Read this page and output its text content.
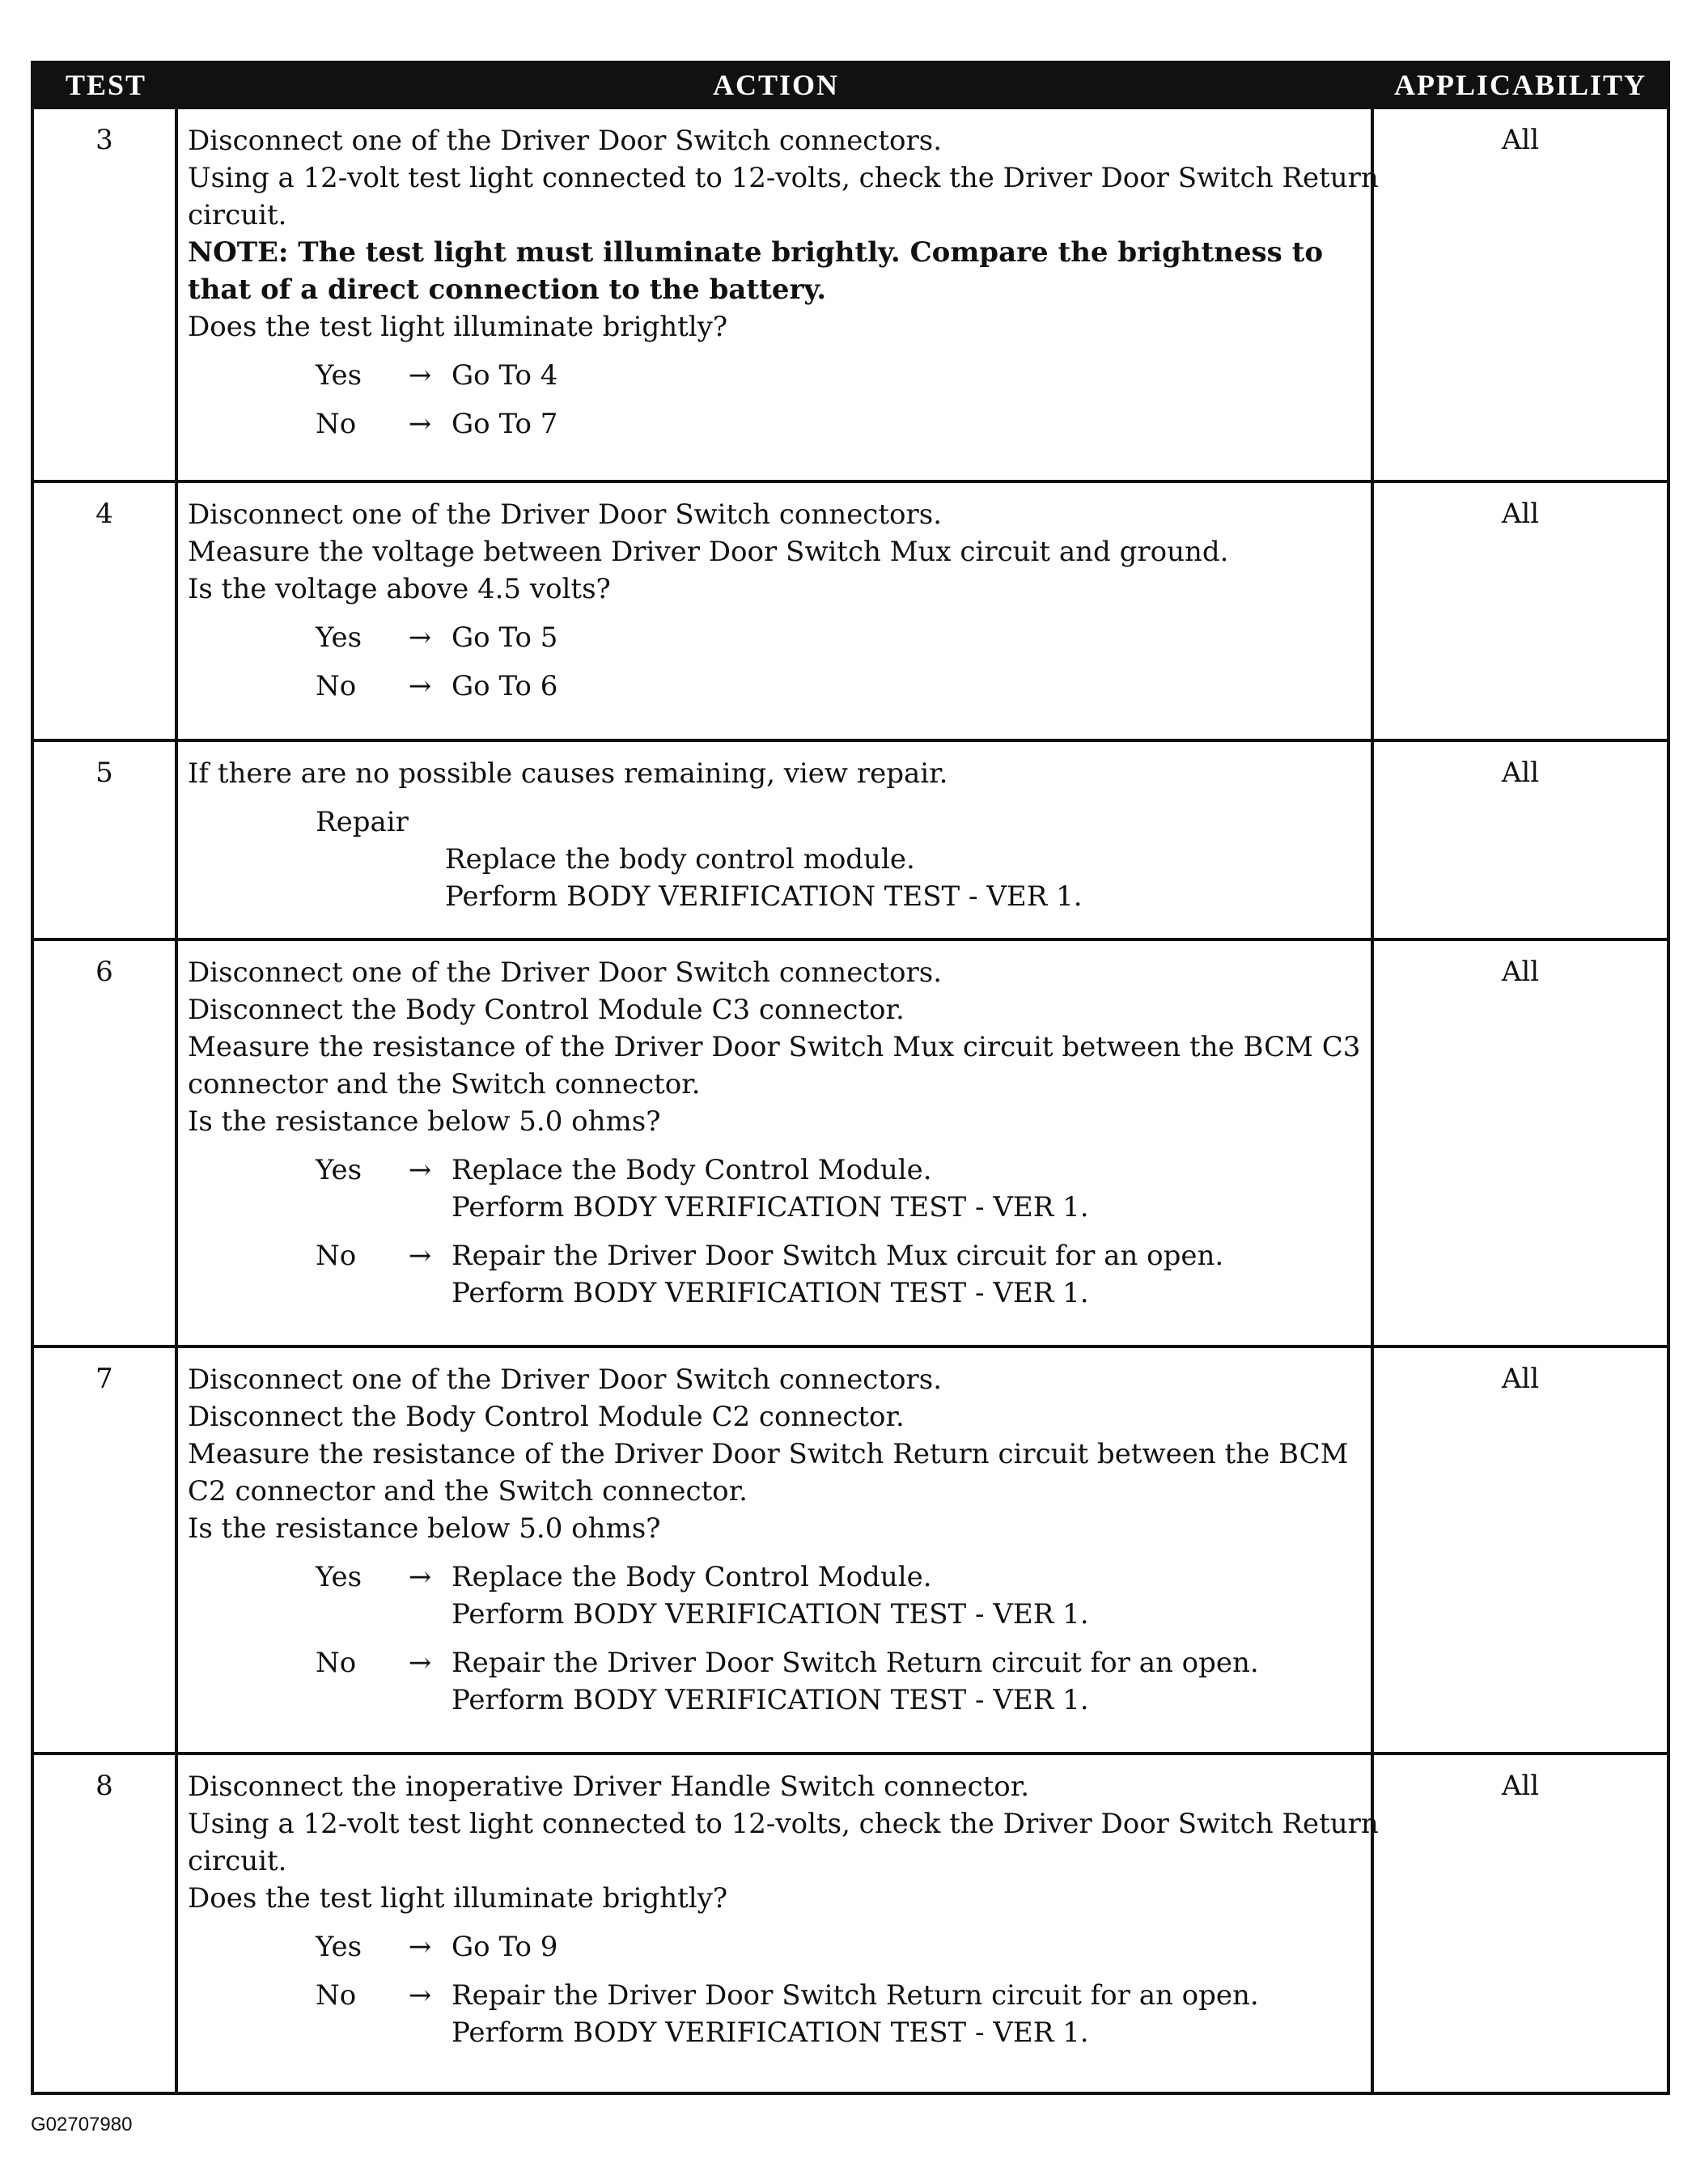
TEST	ACTION	APPLICABILITY
3	Disconnect one of the Driver Door Switch connectors.
Using a 12-volt test light connected to 12-volts, check the Driver Door Switch Return
circuit.
NOTE: The test light must illuminate brightly. Compare the brightness to
that of a direct connection to the battery.
Does the test light illuminate brightly?
Yes	→ Go To 4
No	→ Go To 7
All
4	Disconnect one of the Driver Door Switch connectors.
Measure the voltage between Driver Door Switch Mux circuit and ground.
Is the voltage above 4.5 volts?
Yes	→ Go To 5
No	→ Go To 6
All
5	If there are no possible causes remaining, view repair.
Repair
Replace the body control module.
Perform BODY VERIFICATION TEST - VER 1.
All
6	Disconnect one of the Driver Door Switch connectors.
Disconnect the Body Control Module C3 connector.
Measure the resistance of the Driver Door Switch Mux circuit between the BCM C3
connector and the Switch connector.
Is the resistance below 5.0 ohms?
Yes	→ Replace the Body Control Module.
Perform BODY VERIFICATION TEST - VER 1.
No	→ Repair the Driver Door Switch Mux circuit for an open.
Perform BODY VERIFICATION TEST - VER 1.
All
7	Disconnect one of the Driver Door Switch connectors.
Disconnect the Body Control Module C2 connector.
Measure the resistance of the Driver Door Switch Return circuit between the BCM
C2 connector and the Switch connector.
Is the resistance below 5.0 ohms?
Yes	→ Replace the Body Control Module.
Perform BODY VERIFICATION TEST - VER 1.
No	→ Repair the Driver Door Switch Return circuit for an open.
Perform BODY VERIFICATION TEST - VER 1.
All
8	Disconnect the inoperative Driver Handle Switch connector.
Using a 12-volt test light connected to 12-volts, check the Driver Door Switch Return
circuit.
Does the test light illuminate brightly?
Yes	→ Go To 9
No	→ Repair the Driver Door Switch Return circuit for an open.
Perform BODY VERIFICATION TEST - VER 1.
All
G02707980
